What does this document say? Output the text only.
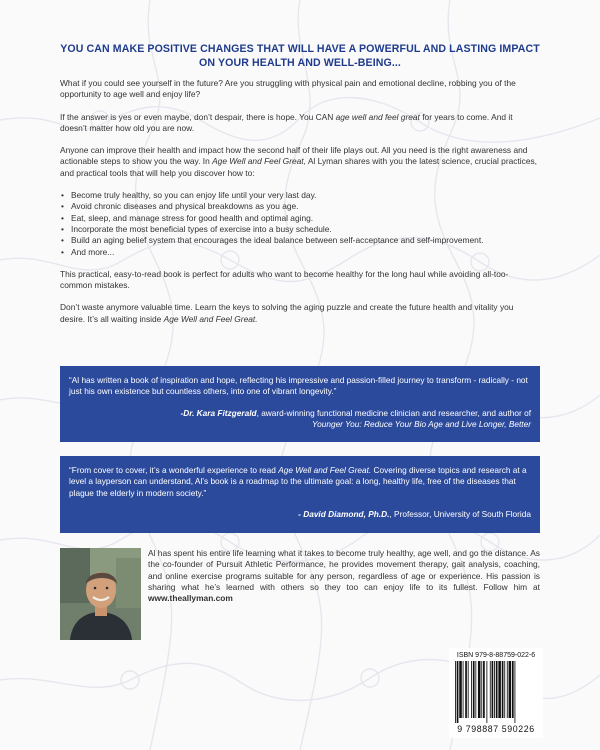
YOU CAN MAKE POSITIVE CHANGES THAT WILL HAVE A POWERFUL AND LASTING IMPACT ON YOUR HEALTH AND WELL-BEING...

What if you could see yourself in the future? Are you struggling with physical pain and emotional decline, robbing you of the opportunity to age well and enjoy life?

If the answer is yes or even maybe, don’t despair, there is hope. You CAN age well and feel great for years to come. And it doesn’t matter how old you are now.

Anyone can improve their health and impact how the second half of their life plays out. All you need is the right awareness and actionable steps to show you the way. In Age Well and Feel Great, Al Lyman shares with you the latest science, crucial practices, and practical tools that will help you discover how to:

• Become truly healthy, so you can enjoy life until your very last day.
• Avoid chronic diseases and physical breakdowns as you age.
• Eat, sleep, and manage stress for good health and optimal aging.
• Incorporate the most beneficial types of exercise into a busy schedule.
• Build an aging belief system that encourages the ideal balance between self-acceptance and self-improvement.
• And more...

This practical, easy-to-read book is perfect for adults who want to become healthy for the long haul while avoiding all-too-common mistakes.

Don’t waste anymore valuable time. Learn the keys to solving the aging puzzle and create the future health and vitality you desire. It’s all waiting inside Age Well and Feel Great.

“Al has written a book of inspiration and hope, reflecting his impressive and passion-filled journey to transform - radically - not just his own existence but countless others, into one of vibrant longevity.”

-Dr. Kara Fitzgerald, award-winning functional medicine clinician and researcher, and author of
Younger You: Reduce Your Bio Age and Live Longer, Better

“From cover to cover, it’s a wonderful experience to read Age Well and Feel Great. Covering diverse topics and research at a level a layperson can understand, Al’s book is a roadmap to the ultimate goal: a long, healthy life, free of the diseases that plague the elderly in modern society.”

- David Diamond, Ph.D., Professor, University of South Florida

Al has spent his entire life learning what it takes to become truly healthy, age well, and go the distance. As the co-founder of Pursuit Athletic Performance, he provides movement therapy, gait analysis, coaching, and online exercise programs suitable for any person, regardless of age or experience. His passion is sharing what he’s learned with others so they too can enjoy life to its fullest. Follow him at www.theallyman.com

ISBN 979-8-88759-022-6
9 798887 590226
